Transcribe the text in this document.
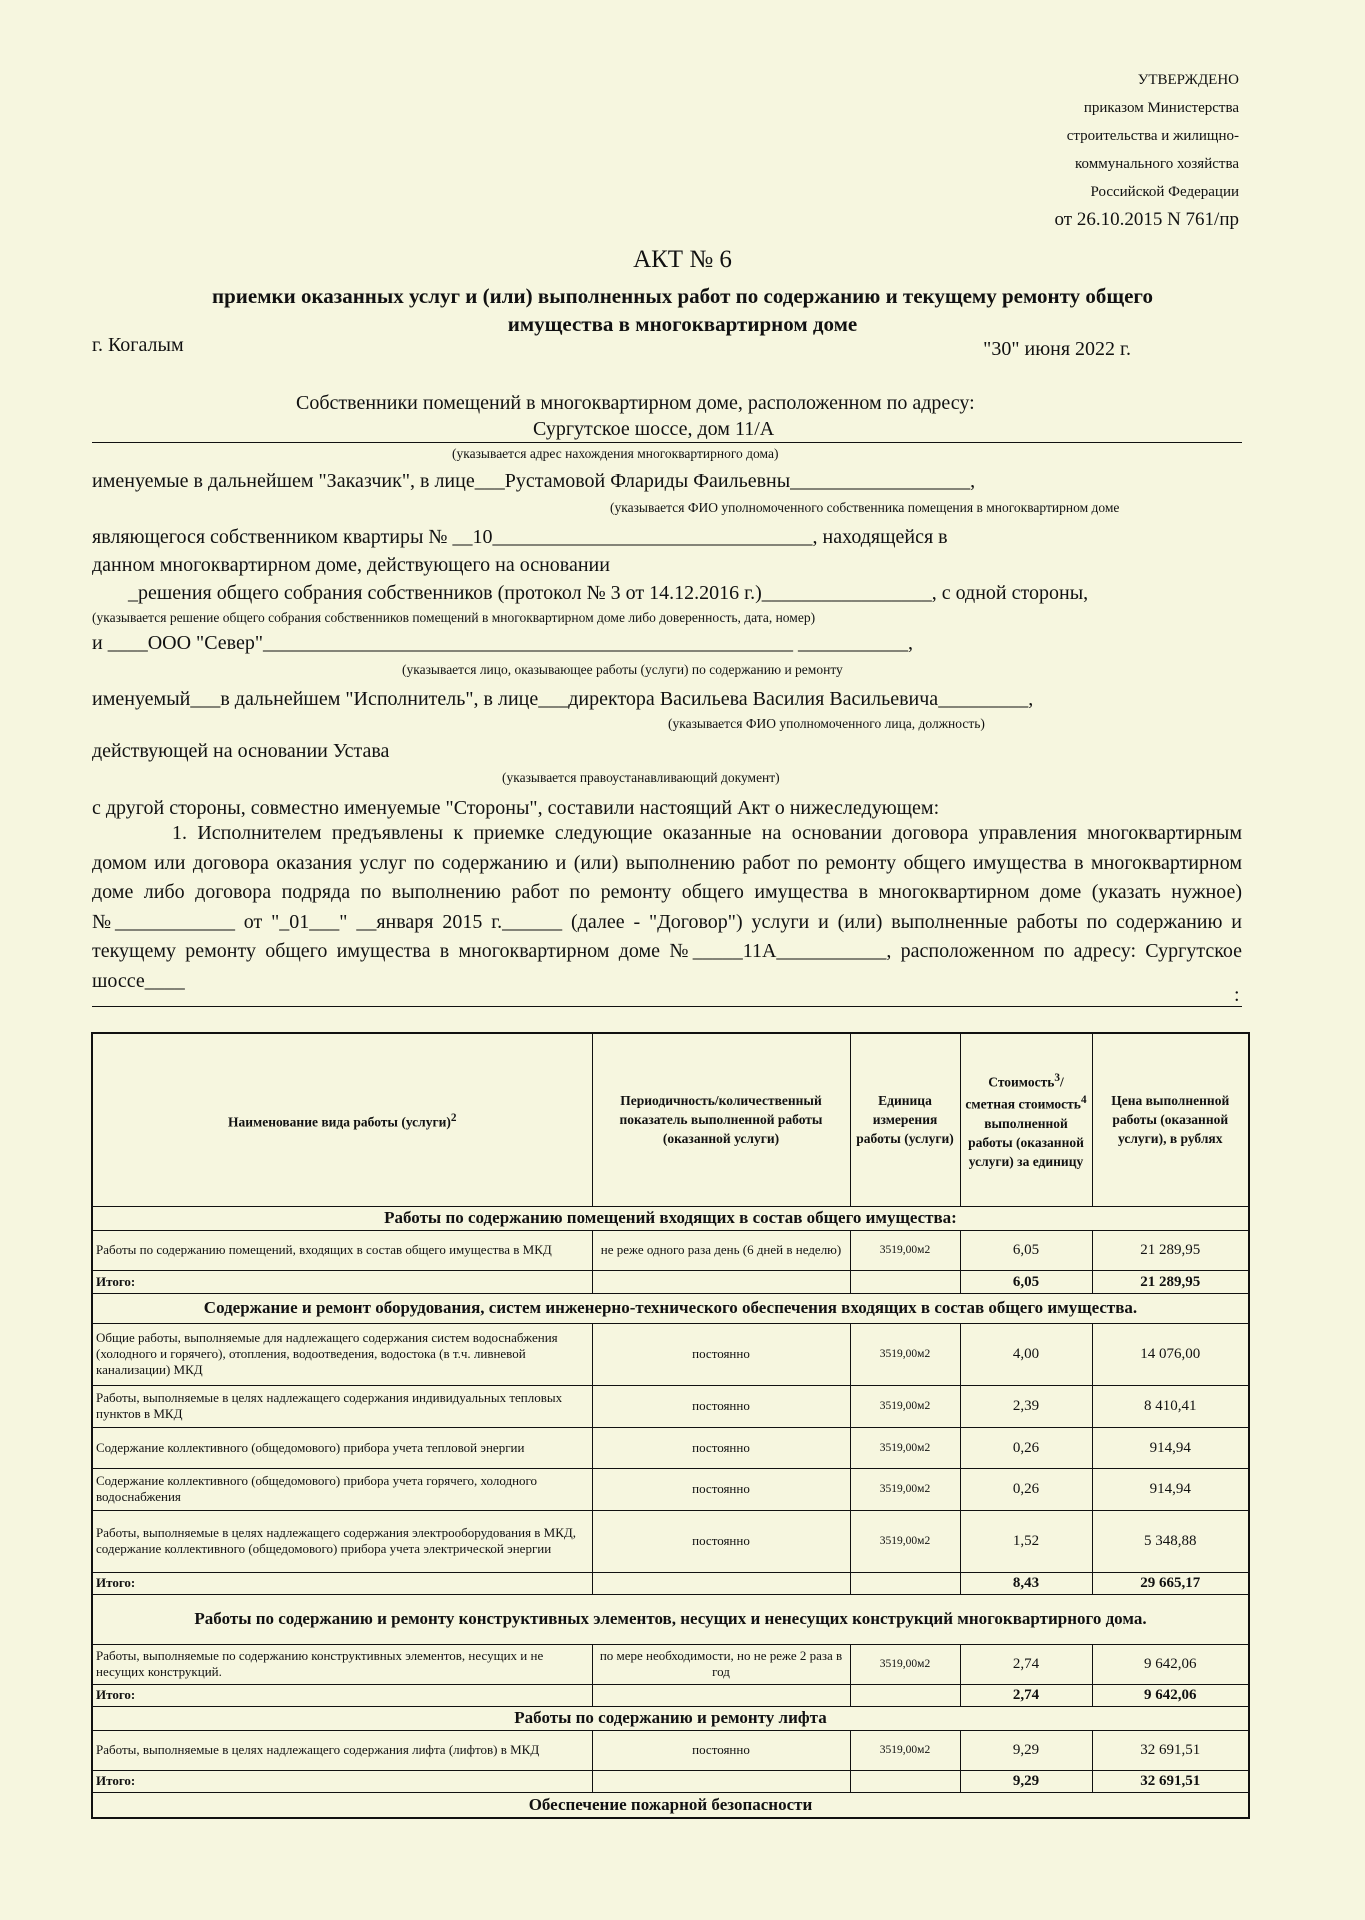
УТВЕРЖДЕНО
приказом Министерства
строительства и жилищно-
коммунального хозяйства
Российской Федерации
от 26.10.2015 N 761/пр
АКТ № 6
приемки оказанных услуг и (или) выполненных работ по содержанию и текущему ремонту общего
имущества в многоквартирном доме
г. Когалым	"30" июня 2022 г.
Собственники помещений в многоквартирном доме, расположенном по адресу:
Сургутское шоссе, дом 11/А
(указывается адрес нахождения многоквартирного дома)
именуемые в дальнейшем "Заказчик", в лице___Рустамовой Флариды Фаильевны__________________,
(указывается ФИО уполномоченного собственника помещения в многоквартирном доме
являющегося собственником квартиры № __10________________________________, находящейся в
данном многоквартирном доме, действующего на основании
_решения общего собрания собственников (протокол № 3 от 14.12.2016 г.)_________________, с одной стороны,
(указывается решение общего собрания собственников помещений в многоквартирном доме либо доверенность, дата, номер)
и ____ООО "Север"_____________________________________________________ ___________,
(указывается лицо, оказывающее работы (услуги) по содержанию и ремонту
именуемый___в дальнейшем "Исполнитель", в лице___директора Васильева Василия Васильевича_________,
(указывается ФИО уполномоченного лица, должность)
действующей на основании Устава
(указывается правоустанавливающий документ)
с другой стороны, совместно именуемые "Стороны", составили настоящий Акт о нижеследующем:
1. Исполнителем предъявлены к приемке следующие оказанные на основании договора управления многоквартирным домом или договора оказания услуг по содержанию и (или) выполнению работ по ремонту общего имущества в многоквартирном доме либо договора подряда по выполнению работ по ремонту общего имущества в многоквартирном доме (указать нужное) №____________ от "_01___" __января 2015 г.______ (далее - "Договор") услуги и (или) выполненные работы по содержанию и текущему ремонту общего имущества в многоквартирном доме №_____11А___________, расположенном по адресу: Сургутское шоссе____
:
Наименование вида работы (услуги)$^2$	Периодичность/количественный показатель выполненной работы (оказанной услуги)	Единица измерения работы (услуги)	Стоимость$^3$/сметная стоимость$^4$ выполненной работы (оказанной услуги) за единицу	Цена выполненной работы (оказанной услуги), в рублях
Работы по содержанию помещений входящих в состав общего имущества:				
Работы по содержанию помещений, входящих в состав общего имущества в МКД	не реже одного раза день (6 дней в неделю)	3519,00м2	6,05	21 289,95
Итого:			6,05	21 289,95
Содержание и ремонт оборудования, систем инженерно-технического обеспечения входящих в состав общего имущества.				
Общие работы, выполняемые для надлежащего содержания систем водоснабжения (холодного и горячего), отопления, водоотведения, водостока (в т.ч. ливневой канализации) МКД	постоянно	3519,00м2	4,00	14 076,00
Работы, выполняемые в целях надлежащего содержания индивидуальных тепловых пунктов в МКД	постоянно	3519,00м2	2,39	8 410,41
Содержание коллективного (общедомового) прибора учета тепловой энергии	постоянно	3519,00м2	0,26	914,94
Содержание коллективного (общедомового) прибора учета горячего, холодного водоснабжения	постоянно	3519,00м2	0,26	914,94
Работы, выполняемые в целях надлежащего содержания электрооборудования в МКД, содержание коллективного (общедомового) прибора учета электрической энергии	постоянно	3519,00м2	1,52	5 348,88
Итого:			8,43	29 665,17
Работы по содержанию и ремонту конструктивных элементов, несущих и ненесущих конструкций многоквартирного дома.				
Работы, выполняемые по содержанию конструктивных элементов, несущих и не несущих конструкций.	по мере необходимости, но не реже 2 раза в год	3519,00м2	2,74	9 642,06
Итого:			2,74	9 642,06
Работы по содержанию и ремонту лифта				
Работы, выполняемые в целях надлежащего содержания лифта (лифтов) в МКД	постоянно	3519,00м2	9,29	32 691,51
Итого:			9,29	32 691,51
Обеспечение пожарной безопасности				
